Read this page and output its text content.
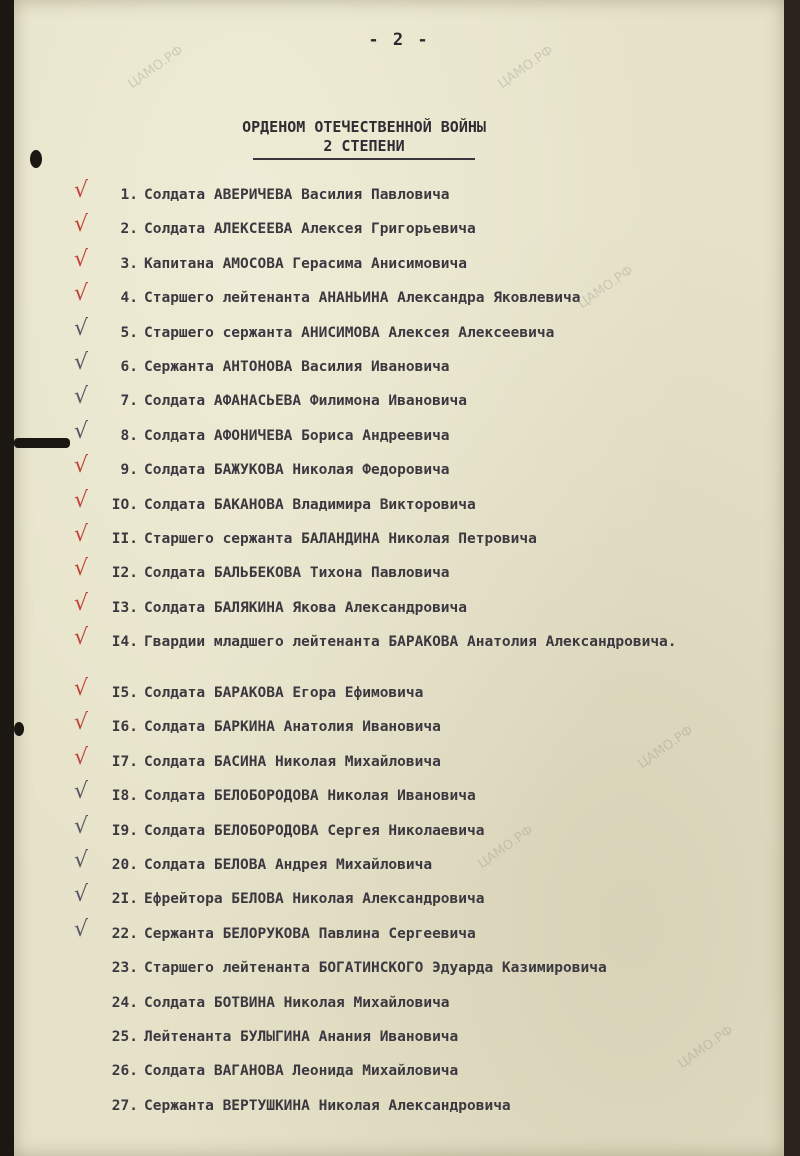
- 2 -
ОРДЕНОМ ОТЕЧЕСТВЕННОЙ ВОЙНЫ
2 СТЕПЕНИ
√	1. Солдата АВЕРИЧЕВА Василия Павловича
√	2. Солдата АЛЕКСЕЕВА Алексея Григорьевича
√	3. Капитана АМОСОВА Герасима Анисимовича
√	4. Старшего лейтенанта АНАНЬИНА Александра Яковлевича
√	5. Старшего сержанта АНИСИМОВА Алексея Алексеевича
√	6. Сержанта АНТОНОВА Василия Ивановича
√	7. Солдата АФАНАСЬЕВА Филимона Ивановича
√	8. Солдата АФОНИЧЕВА Бориса Андреевича
√	9. Солдата БАЖУКОВА Николая Федоровича
√	IO. Солдата БАКАНОВА Владимира Викторовича
√	II. Старшего сержанта БАЛАНДИНА Николая Петровича
√	I2. Солдата БАЛЬБЕКОВА Тихона Павловича
√	I3. Солдата БАЛЯКИНА Якова Александровича
√	I4. Гвардии младшего лейтенанта БАРАКОВА Анатолия Александровича.
√	I5. Солдата БАРАКОВА Егора Ефимовича
√	I6. Солдата БАРКИНА Анатолия Ивановича
√	I7. Солдата БАСИНА Николая Михайловича
√	I8. Солдата БЕЛОБОРОДОВА Николая Ивановича
√	I9. Солдата БЕЛОБОРОДОВА Сергея Николаевича
√	20. Солдата БЕЛОВА Андрея Михайловича
√	2I. Ефрейтора БЕЛОВА Николая Александровича
√	22. Сержанта БЕЛОРУКОВА Павлина Сергеевича
23. Старшего лейтенанта БОГАТИНСКОГО Эдуарда Казимировича
24. Солдата БОТВИНА Николая Михайловича
25. Лейтенанта БУЛЫГИНА Анания Ивановича
26. Солдата ВАГАНОВА Леонида Михайловича
27. Сержанта ВЕРТУШКИНА Николая Александровича
ЦАМО.РФ	ЦАМО.РФ
ЦАМО.РФ
ЦАМО.РФ
ЦАМО.РФ
ЦАМО.РФ
